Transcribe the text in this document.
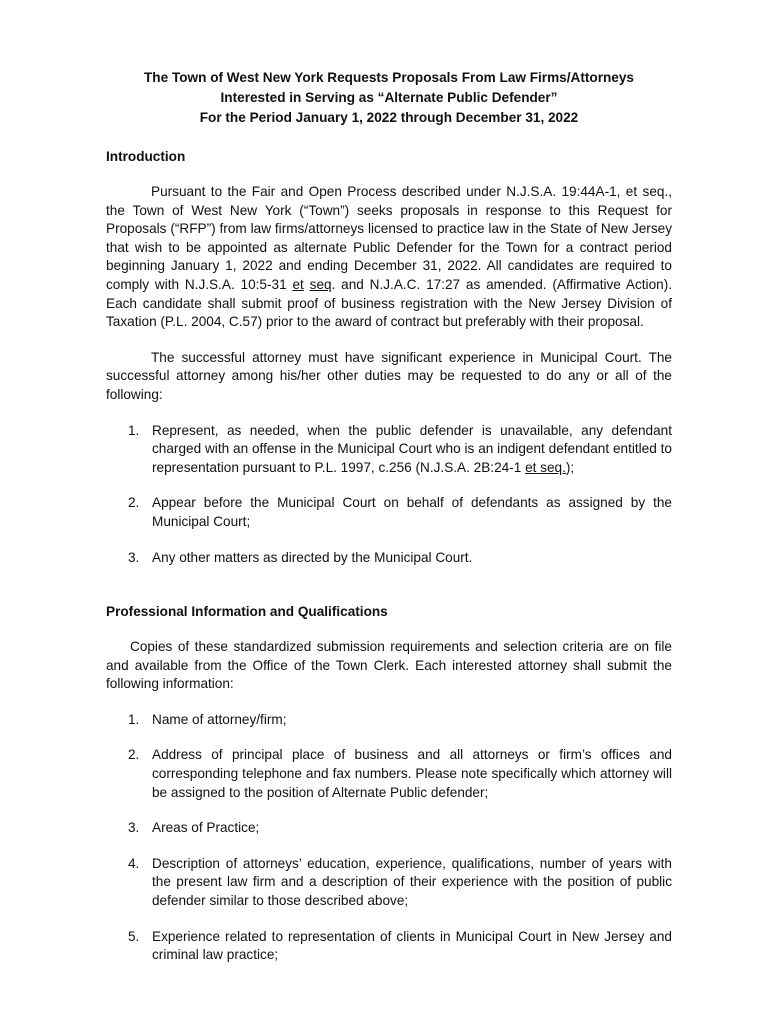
The Town of West New York Requests Proposals From Law Firms/Attorneys
Interested in Serving as “Alternate Public Defender”
For the Period January 1, 2022 through December 31, 2022
Introduction

Pursuant to the Fair and Open Process described under N.J.S.A. 19:44A-1, et seq., the Town of West New York (“Town”) seeks proposals in response to this Request for Proposals (“RFP”) from law firms/attorneys licensed to practice law in the State of New Jersey that wish to be appointed as alternate Public Defender for the Town for a contract period beginning January 1, 2022 and ending December 31, 2022. All candidates are required to comply with N.J.S.A. 10:5-31 et seq. and N.J.A.C. 17:27 as amended. (Affirmative Action). Each candidate shall submit proof of business registration with the New Jersey Division of Taxation (P.L. 2004, C.57) prior to the award of contract but preferably with their proposal.

The successful attorney must have significant experience in Municipal Court. The successful attorney among his/her other duties may be requested to do any or all of the following:

1. Represent, as needed, when the public defender is unavailable, any defendant charged with an offense in the Municipal Court who is an indigent defendant entitled to representation pursuant to P.L. 1997, c.256 (N.J.S.A. 2B:24-1 et seq.);
2. Appear before the Municipal Court on behalf of defendants as assigned by the Municipal Court;
3. Any other matters as directed by the Municipal Court.
Professional Information and Qualifications

Copies of these standardized submission requirements and selection criteria are on file and available from the Office of the Town Clerk. Each interested attorney shall submit the following information:

1. Name of attorney/firm;
2. Address of principal place of business and all attorneys or firm’s offices and corresponding telephone and fax numbers. Please note specifically which attorney will be assigned to the position of Alternate Public defender;
3. Areas of Practice;
4. Description of attorneys’ education, experience, qualifications, number of years with the present law firm and a description of their experience with the position of public defender similar to those described above;
5. Experience related to representation of clients in Municipal Court in New Jersey and criminal law practice;
